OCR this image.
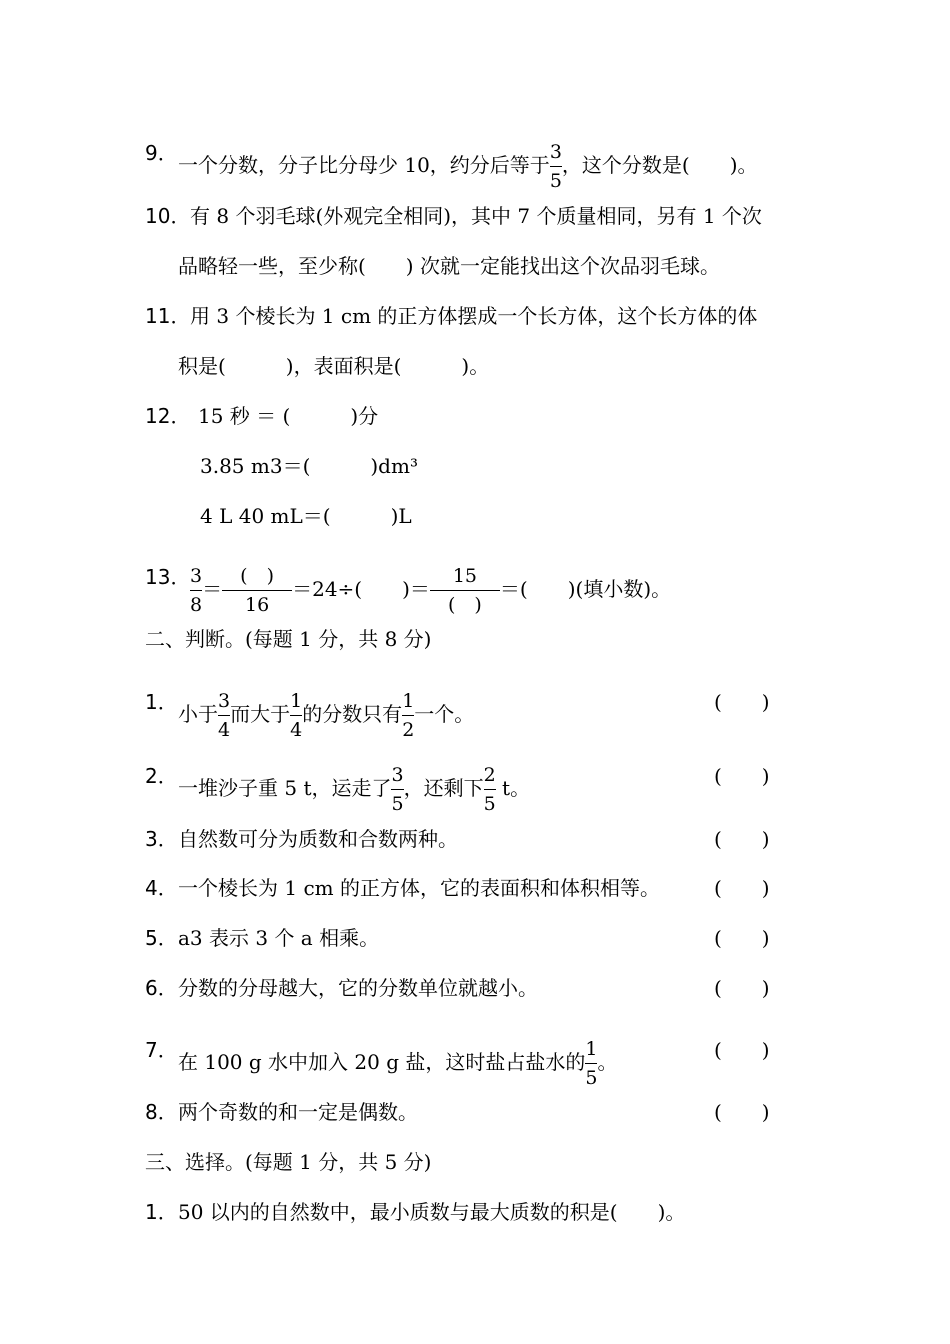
9． 一个分数，分子比分母少 10，约分后等于 $\frac{3}{5}$ ，这个分数是(　　)。
10． 有 8 个羽毛球(外观完全相同)，其中 7 个质量相同，另有 1 个次
品略轻一些，至少称(　　) 次就一定能找出这个次品羽毛球。
11． 用 3 个棱长为 1 cm 的正方体摆成一个长方体，这个长方体的体
积是(　　　)，表面积是(　　　)。
12． 15 秒 ＝ (　　　)分
3.85 m3＝(　　　)dm³
4 L 40 mL＝(　　　)L
13． $\frac{3}{8} = \frac{( )}{16} =24\div$(　　)＝ $\frac{15}{( )}$ ＝(　　)(填小数)。
二、判断。(每题 1 分，共 8 分)
1． 小于 $\frac{3}{4}$ 而大于 $\frac{1}{4}$ 的分数只有 $\frac{1}{2}$ 一个。	(　　)
2． 一堆沙子重 5 t，运走了 $\frac{3}{5}$ ，还剩下 $\frac{2}{5}$ t。	(　　)
3． 自然数可分为质数和合数两种。	(　　)
4． 一个棱长为 1 cm 的正方体，它的表面积和体积相等。	(　　)
5． a3 表示 3 个 a 相乘。	(　　)
6． 分数的分母越大，它的分数单位就越小。	(　　)
7． 在 100 g 水中加入 20 g 盐，这时盐占盐水的 $\frac{1}{5}$ 。	(　　)
8． 两个奇数的和一定是偶数。	(　　)
三、选择。(每题 1 分，共 5 分)
1． 50 以内的自然数中，最小质数与最大质数的积是(　　)。
